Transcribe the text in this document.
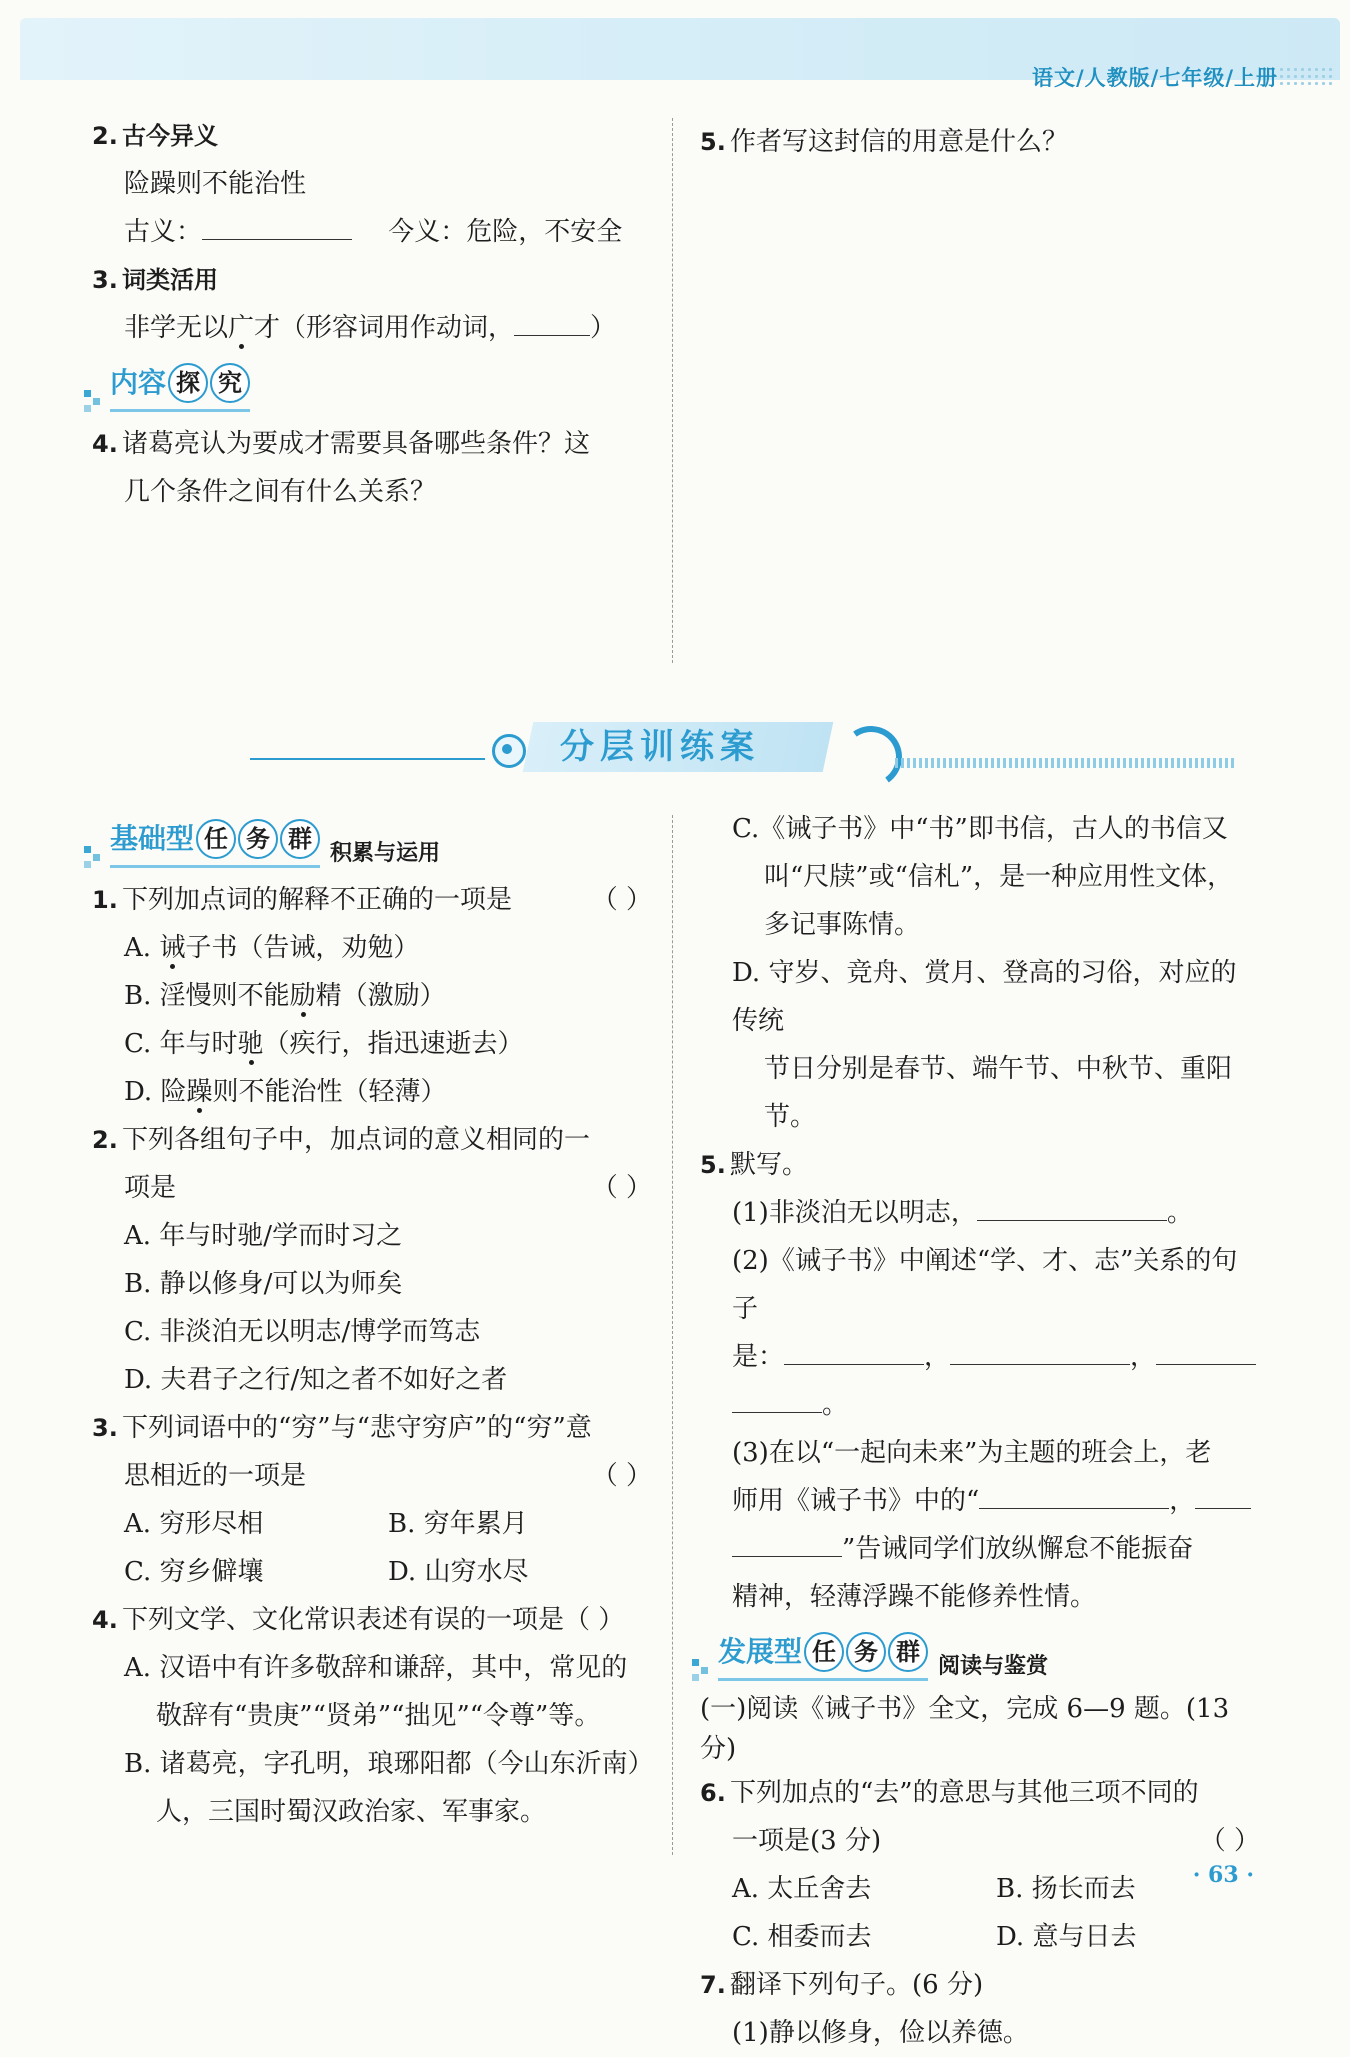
语文/人教版/七年级/上册
2. 古今异义
险躁则不能治性
古义：	今义：危险，不安全
3. 词类活用
非学无以广才（形容词用作动词，	）
内容 探 究
4. 诸葛亮认为要成才需要具备哪些条件？这
几个条件之间有什么关系？
5. 作者写这封信的用意是什么？
分层训练案
基础型 任 务 群
积累与运用
1. 下列加点词的解释不正确的一项是	（ ）
A. 诫子书（告诫，劝勉）
B. 淫慢则不能励精（激励）
C. 年与时驰（疾行，指迅速逝去）
D. 险躁则不能治性（轻薄）
2. 下列各组句子中，加点词的意义相同的一
项是	（ ）
A. 年与时驰/学而时习之
B. 静以修身/可以为师矣
C. 非淡泊无以明志/博学而笃志
D. 夫君子之行/知之者不如好之者
3. 下列词语中的“穷”与“悲守穷庐”的“穷”意
思相近的一项是	（ ）
A. 穷形尽相	B. 穷年累月
C. 穷乡僻壤	D. 山穷水尽
4. 下列文学、文化常识表述有误的一项是（ ）
A. 汉语中有许多敬辞和谦辞，其中，常见的
敬辞有“贵庚”“贤弟”“拙见”“令尊”等。
B. 诸葛亮，字孔明，琅琊阳都（今山东沂南）
人，三国时蜀汉政治家、军事家。
C.《诫子书》中“书”即书信，古人的书信又
叫“尺牍”或“信札”，是一种应用性文体，
多记事陈情。
D. 守岁、竞舟、赏月、登高的习俗，对应的传统
节日分别是春节、端午节、中秋节、重阳节。
5. 默写。
(1)非淡泊无以明志，	。
(2)《诫子书》中阐述“学、才、志”关系的句子
是：	，	，
。
(3)在以“一起向未来”为主题的班会上，老
师用《诫子书》中的“	，
”告诫同学们放纵懈怠不能振奋
精神，轻薄浮躁不能修养性情。
发展型 任 务 群
阅读与鉴赏
(一)阅读《诫子书》全文，完成 6—9 题。(13 分)
6. 下列加点的“去”的意思与其他三项不同的
一项是(3 分)	（ ）
A. 太丘舍去	B. 扬长而去
C. 相委而去	D. 意与日去
7. 翻译下列句子。(6 分)
(1)静以修身，俭以养德。
· 63 ·
